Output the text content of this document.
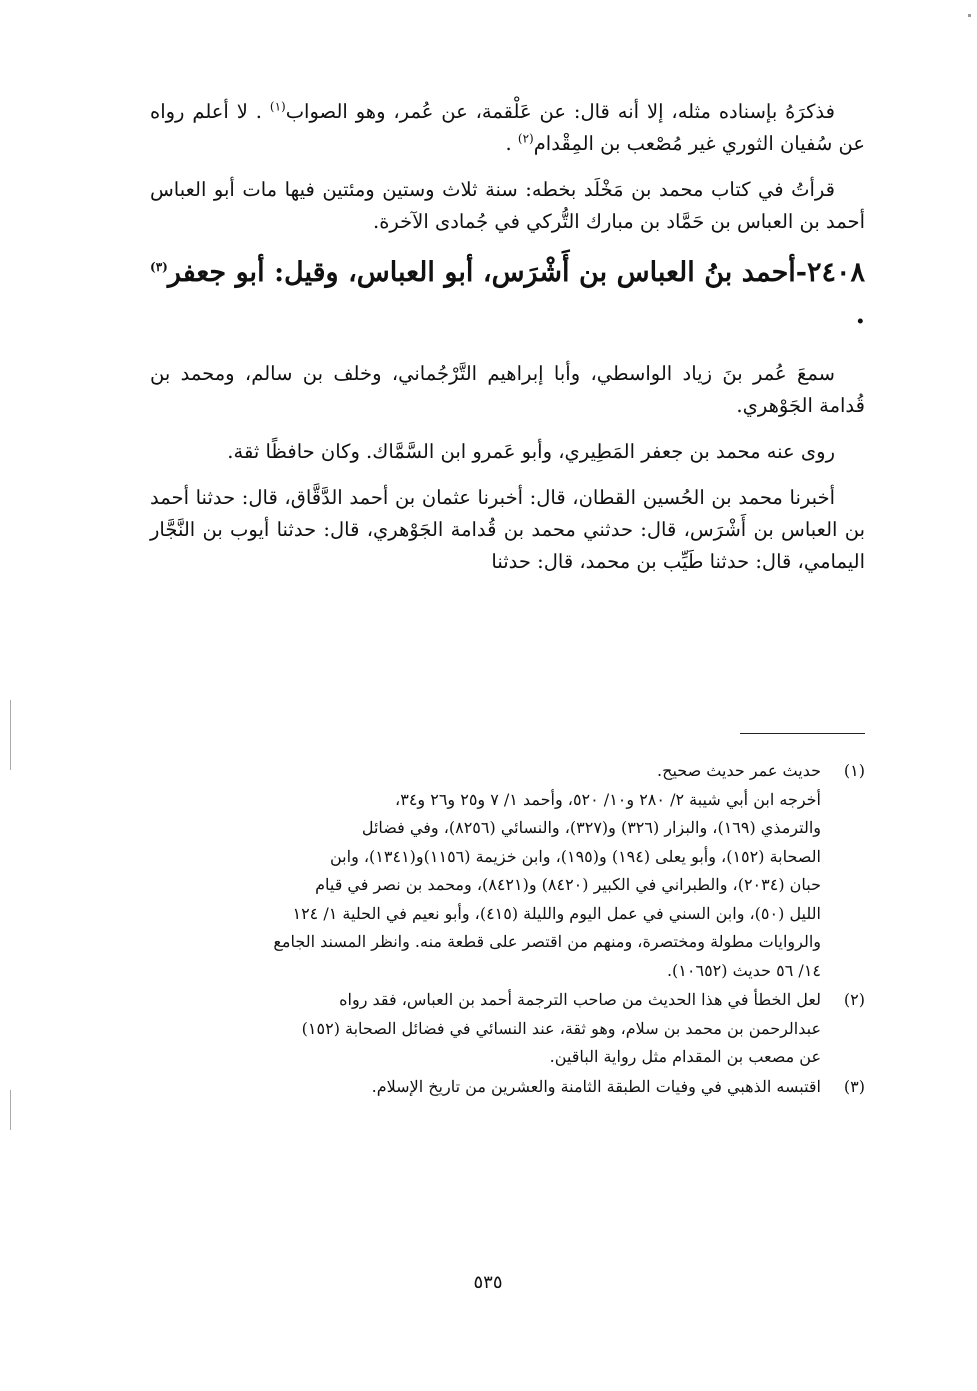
فذكرَهُ بإسناده مثله، إلا أنه قال: عن عَلْقمة، عن عُمر، وهو الصواب$^{(١)}$ . لا أعلم رواه عن سُفيان الثوري غير مُصْعب بن المِقْدام$^{(٢)}$ .

قرأتُ في كتاب محمد بن مَخْلَد بخطه: سنة ثلاث وستين ومئتين فيها مات أبو العباس أحمد بن العباس بن حَمَّاد بن مبارك التُّركي في جُمادى الآخرة.

٢٤٠٨-أحمد بنُ العباس بن أَشْرَس، أبو العباس، وقيل: أبو جعفر$^{(٣)}$ .

سمعَ عُمر بنَ زياد الواسطي، وأبا إبراهيم التَّرْجُماني، وخلف بن سالم، ومحمد بن قُدامة الجَوْهري.

روى عنه محمد بن جعفر المَطِيري، وأبو عَمرو ابن السَّمَّاك. وكان حافظًا ثقة.

أخبرنا محمد بن الحُسين القطان، قال: أخبرنا عثمان بن أحمد الدَّقَّاق، قال: حدثنا أحمد بن العباس بن أَشْرَس، قال: حدثني محمد بن قُدامة الجَوْهري، قال: حدثنا أيوب بن النَّجَّار اليمامي، قال: حدثنا طَيِّب بن محمد، قال: حدثنا

(١)
حديث عمر حديث صحيح.
أخرجه ابن أبي شيبة ٢/ ٢٨٠ و١٠/ ٥٢٠، وأحمد ١/ ٧ و٢٥ و٢٦ و٣٤،
والترمذي (١٦٩)، والبزار (٣٢٦) و(٣٢٧)، والنسائي (٨٢٥٦)، وفي فضائل
الصحابة (١٥٢)، وأبو يعلى (١٩٤) و(١٩٥)، وابن خزيمة (١١٥٦)و(١٣٤١)، وابن
حبان (٢٠٣٤)، والطبراني في الكبير (٨٤٢٠) و(٨٤٢١)، ومحمد بن نصر في قيام
الليل (٥٠)، وابن السني في عمل اليوم والليلة (٤١٥)، وأبو نعيم في الحلية ١/ ١٢٤
والروايات مطولة ومختصرة، ومنهم من اقتصر على قطعة منه. وانظر المسند الجامع
١٤/ ٥٦ حديث (١٠٦٥٢).
(٢)
لعل الخطأ في هذا الحديث من صاحب الترجمة أحمد بن العباس، فقد رواه
عبدالرحمن بن محمد بن سلام، وهو ثقة، عند النسائي في فضائل الصحابة (١٥٢)
عن مصعب بن المقدام مثل رواية الباقين.
(٣)
اقتبسه الذهبي في وفيات الطبقة الثامنة والعشرين من تاريخ الإسلام.
٥٣٥
